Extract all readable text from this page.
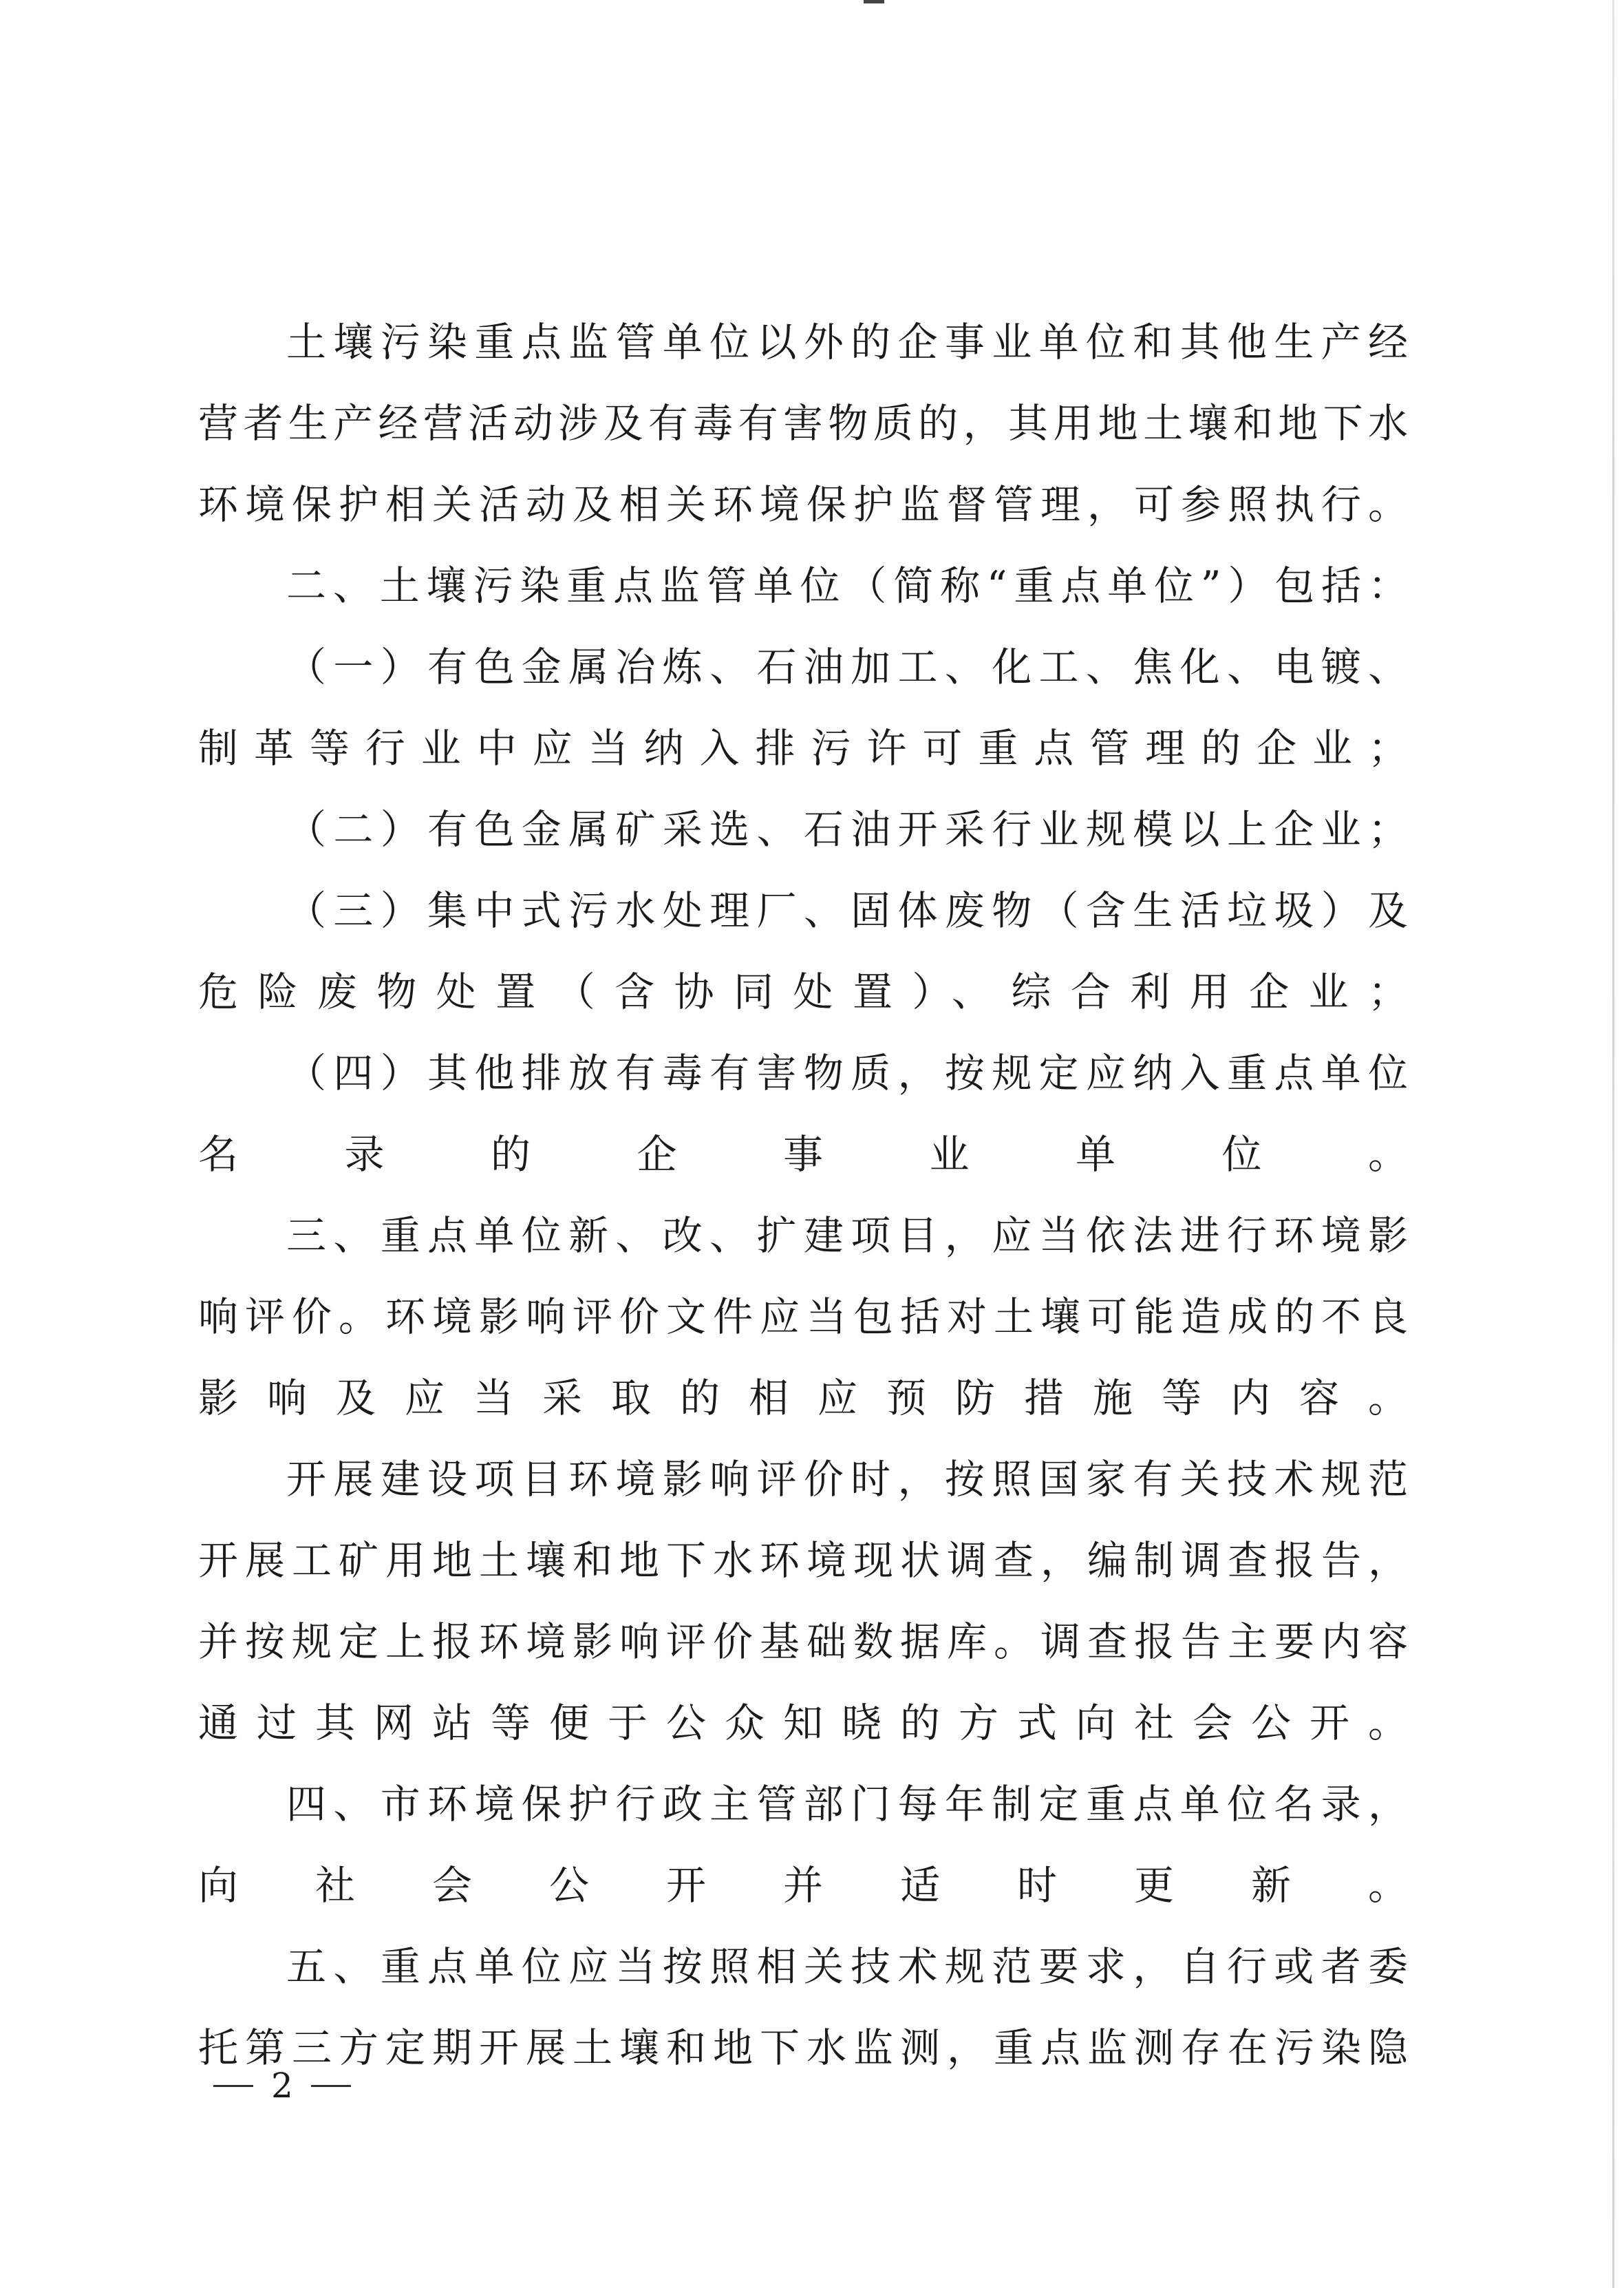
土壤污染重点监管单位以外的企事业单位和其他生产经
营者生产经营活动涉及有毒有害物质的，其用地土壤和地下水
环境保护相关活动及相关环境保护监督管理，可参照执行。
二、土壤污染重点监管单位（简称“重点单位”）包括：
（一）有色金属冶炼、石油加工、化工、焦化、电镀、
制革等行业中应当纳入排污许可重点管理的企业；
（二）有色金属矿采选、石油开采行业规模以上企业；
（三）集中式污水处理厂、固体废物（含生活垃圾）及
危险废物处置（含协同处置）、综合利用企业；
（四）其他排放有毒有害物质，按规定应纳入重点单位
名录的企事业单位。
三、重点单位新、改、扩建项目，应当依法进行环境影
响评价。环境影响评价文件应当包括对土壤可能造成的不良
影响及应当采取的相应预防措施等内容。
开展建设项目环境影响评价时，按照国家有关技术规范
开展工矿用地土壤和地下水环境现状调查，编制调查报告，
并按规定上报环境影响评价基础数据库。调查报告主要内容
通过其网站等便于公众知晓的方式向社会公开。
四、市环境保护行政主管部门每年制定重点单位名录，
向社会公开并适时更新。
五、重点单位应当按照相关技术规范要求，自行或者委
托第三方定期开展土壤和地下水监测，重点监测存在污染隐
2
